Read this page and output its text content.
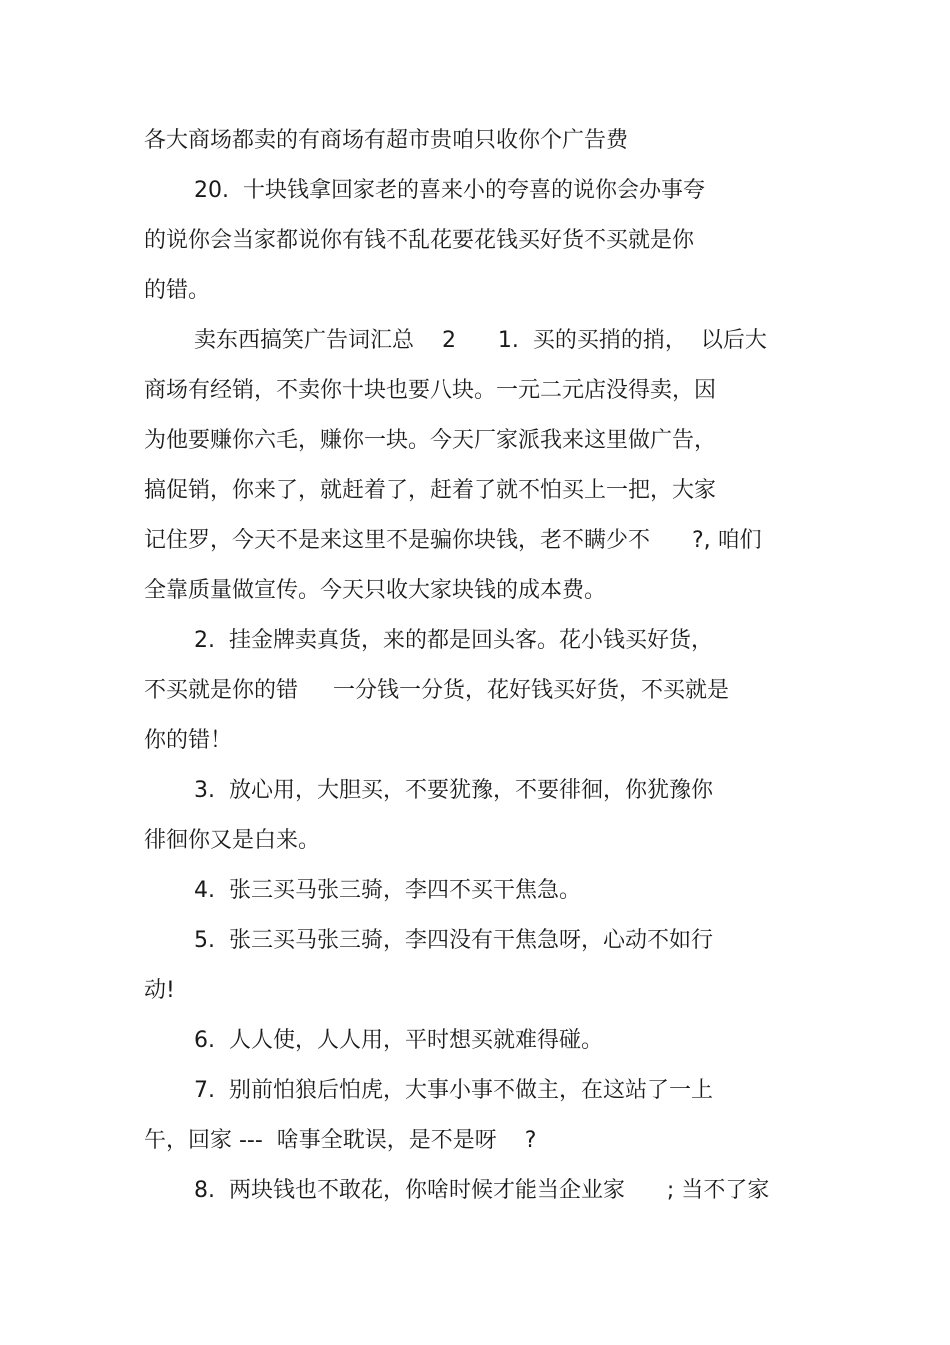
各大商场都卖的有商场有超市贵咱只收你个广告费
20.  十块钱拿回家老的喜来小的夸喜的说你会办事夸
的说你会当家都说你有钱不乱花要花钱买好货不买就是你
的错。
卖东西搞笑广告词汇总    2      1.  买的买捎的捎，  以后大
商场有经销，不卖你十块也要八块。一元二元店没得卖，因
为他要赚你六毛，赚你一块。今天厂家派我来这里做广告，
搞促销，你来了，就赶着了，赶着了就不怕买上一把，大家
记住罗，今天不是来这里不是骗你块钱，老不瞒少不      ?, 咱们
全靠质量做宣传。今天只收大家块钱的成本费。
2.  挂金牌卖真货，来的都是回头客。花小钱买好货，
不买就是你的错     一分钱一分货，花好钱买好货，不买就是
你的错！
3.  放心用，大胆买，不要犹豫，不要徘徊，你犹豫你
徘徊你又是白来。
4.  张三买马张三骑，李四不买干焦急。
5.  张三买马张三骑，李四没有干焦急呀，心动不如行
动!
6.  人人使，人人用，平时想买就难得碰。
7.  别前怕狼后怕虎，大事小事不做主，在这站了一上
午，回家 ---  啥事全耽误，是不是呀    ?
8.  两块钱也不敢花，你啥时候才能当企业家      ; 当不了家
